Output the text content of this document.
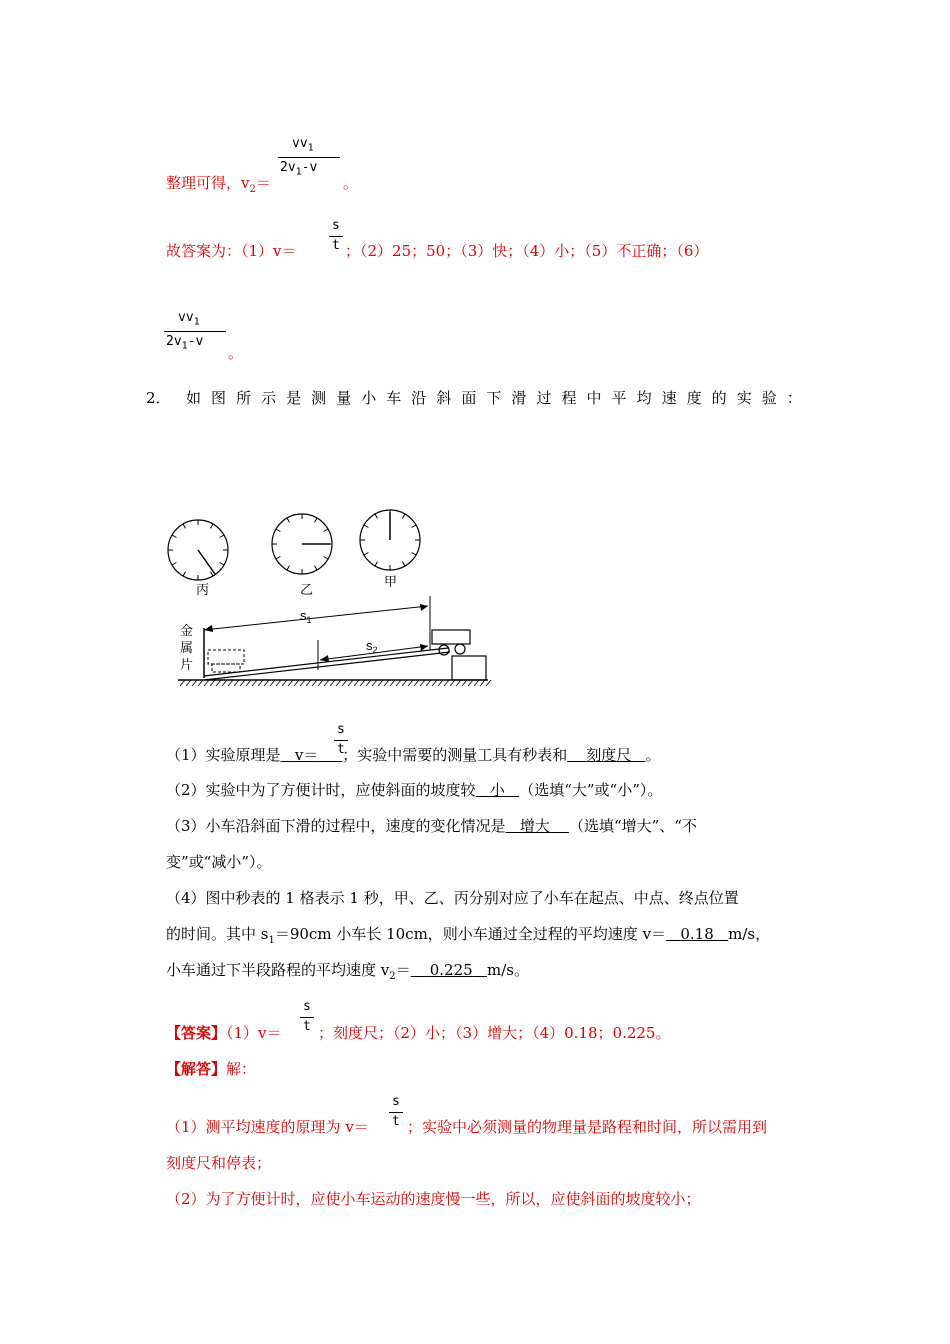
$vv_1$
$2v_1-v$
整理可得，$v_2=$	。
s
t
故答案为：（1）v＝	；（2）25；50；（3）快；（4）小；（5）不正确；（6）
$vv_1$
$2v_1-v$
。
2． 如 图 所 示 是 测 量 小 车 沿 斜 面 下 滑 过 程 中 平 均 速 度 的 实 验 ：
丙	乙
甲
$s_1$
$s_2$
金
属
片
s
t
（1）实验原理是 v＝ ；实验中需要的测量工具有秒表和 刻度尺 。
（2）实验中为了方便计时，应使斜面的坡度较 小 （选填“大”或“小”）。
（3）小车沿斜面下滑的过程中，速度的变化情况是 增大 （选填“增大”、“不
变”或“减小”）。
（4）图中秒表的 1 格表示 1 秒，甲、乙、丙分别对应了小车在起点、中点、终点位置
的时间。其中 $s_1=90cm$ 小车长 10cm，则小车通过全过程的平均速度 v＝ 0.18 m/s，
小车通过下半段路程的平均速度 $v_2= 0.225$ m/s。
s
t
【答案】（1）v＝ ；刻度尺；（2）小；（3）增大；（4）0.18；0.225。
【解答】解：
s
t
（1）测平均速度的原理为 v＝	；实验中必须测量的物理量是路程和时间，所以需用到
刻度尺和停表；
（2）为了方便计时，应使小车运动的速度慢一些，所以，应使斜面的坡度较小；
